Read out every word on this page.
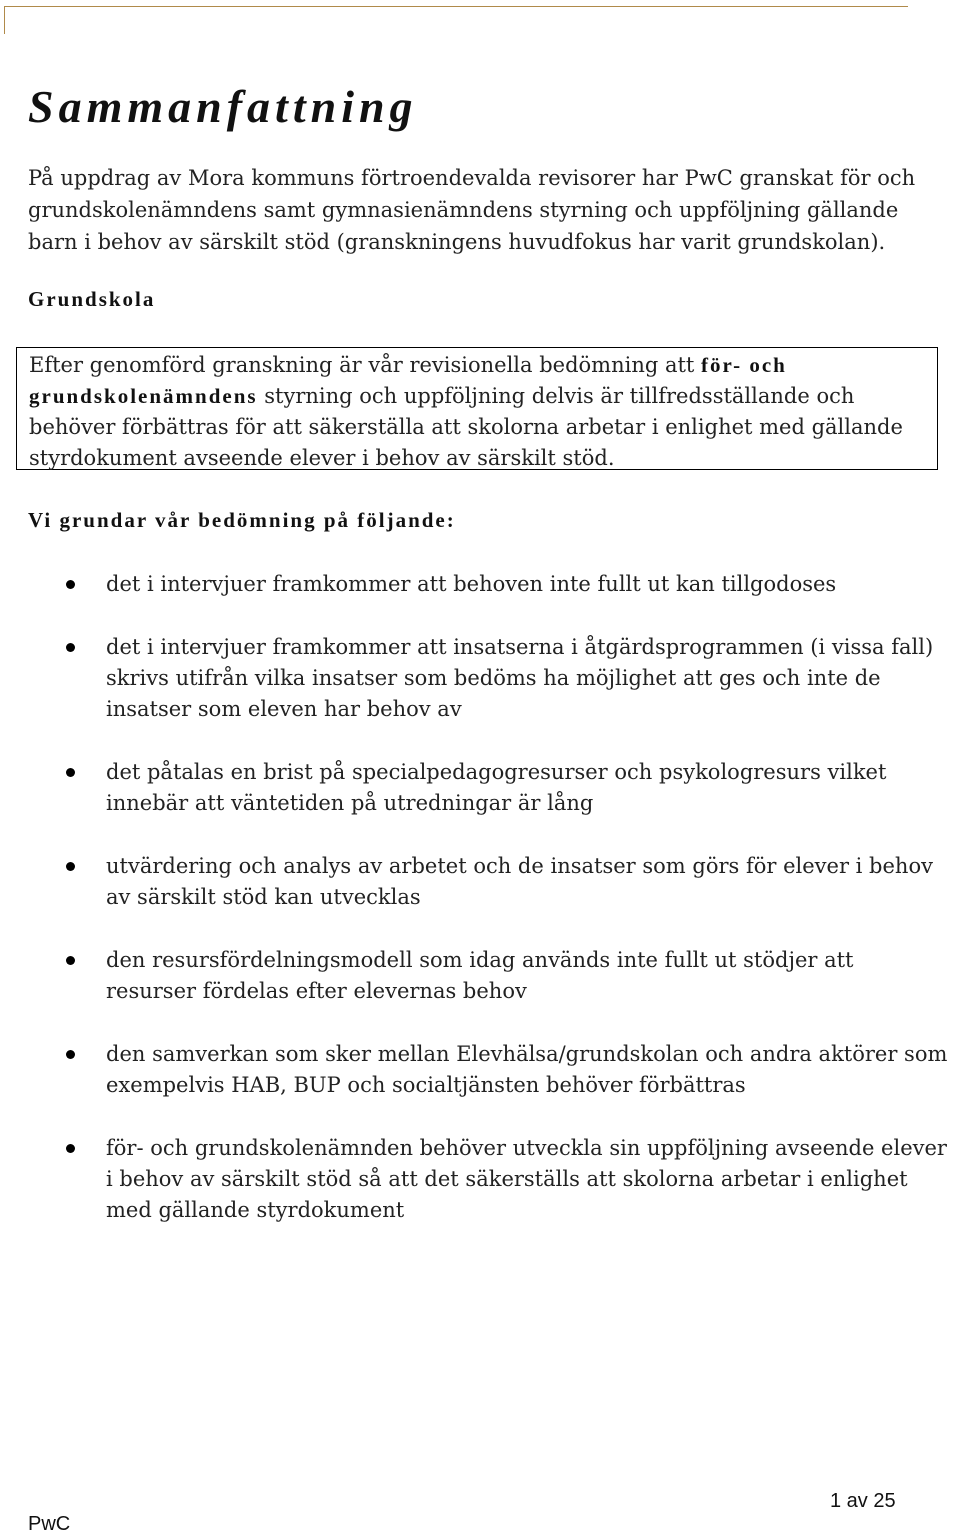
Sammanfattning

På uppdrag av Mora kommuns förtroendevalda revisorer har PwC granskat för och grundskolenämndens samt gymnasienämndens styrning och uppföljning gällande barn i behov av särskilt stöd (granskningens huvudfokus har varit grundskolan).

Grundskola

Efter genomförd granskning är vår revisionella bedömning att för- och grundskolenämndens styrning och uppföljning delvis är tillfredsställande och behöver förbättras för att säkerställa att skolorna arbetar i enlighet med gällande styrdokument avseende elever i behov av särskilt stöd.

Vi grundar vår bedömning på följande:
det i intervjuer framkommer att behoven inte fullt ut kan tillgodoses
det i intervjuer framkommer att insatserna i åtgärdsprogrammen (i vissa fall) skrivs utifrån vilka insatser som bedöms ha möjlighet att ges och inte de insatser som eleven har behov av
det påtalas en brist på specialpedagogresurser och psykologresurs vilket innebär att väntetiden på utredningar är lång
utvärdering och analys av arbetet och de insatser som görs för elever i behov av särskilt stöd kan utvecklas
den resursfördelningsmodell som idag används inte fullt ut stödjer att resurser fördelas efter elevernas behov
den samverkan som sker mellan Elevhälsa/grundskolan och andra aktörer som exempelvis HAB, BUP och socialtjänsten behöver förbättras
för- och grundskolenämnden behöver utveckla sin uppföljning avseende elever i behov av särskilt stöd så att det säkerställs att skolorna arbetar i enlighet med gällande styrdokument
1 av 25
PwC
